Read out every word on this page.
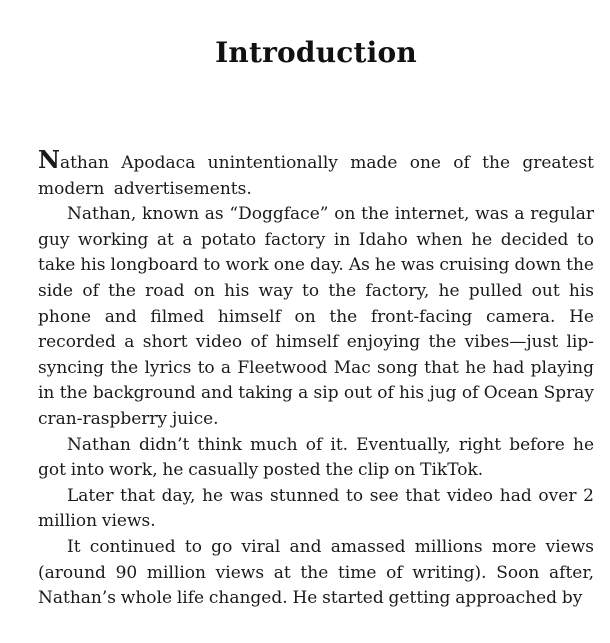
Introduction

Nathan Apodaca unintentionally made one of the greatest modern advertisements.

Nathan, known as “Doggface” on the internet, was a regular guy working at a potato factory in Idaho when he decided to take his longboard to work one day. As he was cruising down the side of the road on his way to the factory, he pulled out his phone and filmed himself on the front-facing camera. He recorded a short video of himself enjoying the vibes—just lip-syncing the lyrics to a Fleetwood Mac song that he had playing in the background and taking a sip out of his jug of Ocean Spray cran-raspberry juice.

Nathan didn’t think much of it. Eventually, right before he got into work, he casually posted the clip on TikTok.

Later that day, he was stunned to see that video had over 2 million views.

It continued to go viral and amassed millions more views (around 90 million views at the time of writing). Soon after, Nathan’s whole life changed. He started getting approached by
